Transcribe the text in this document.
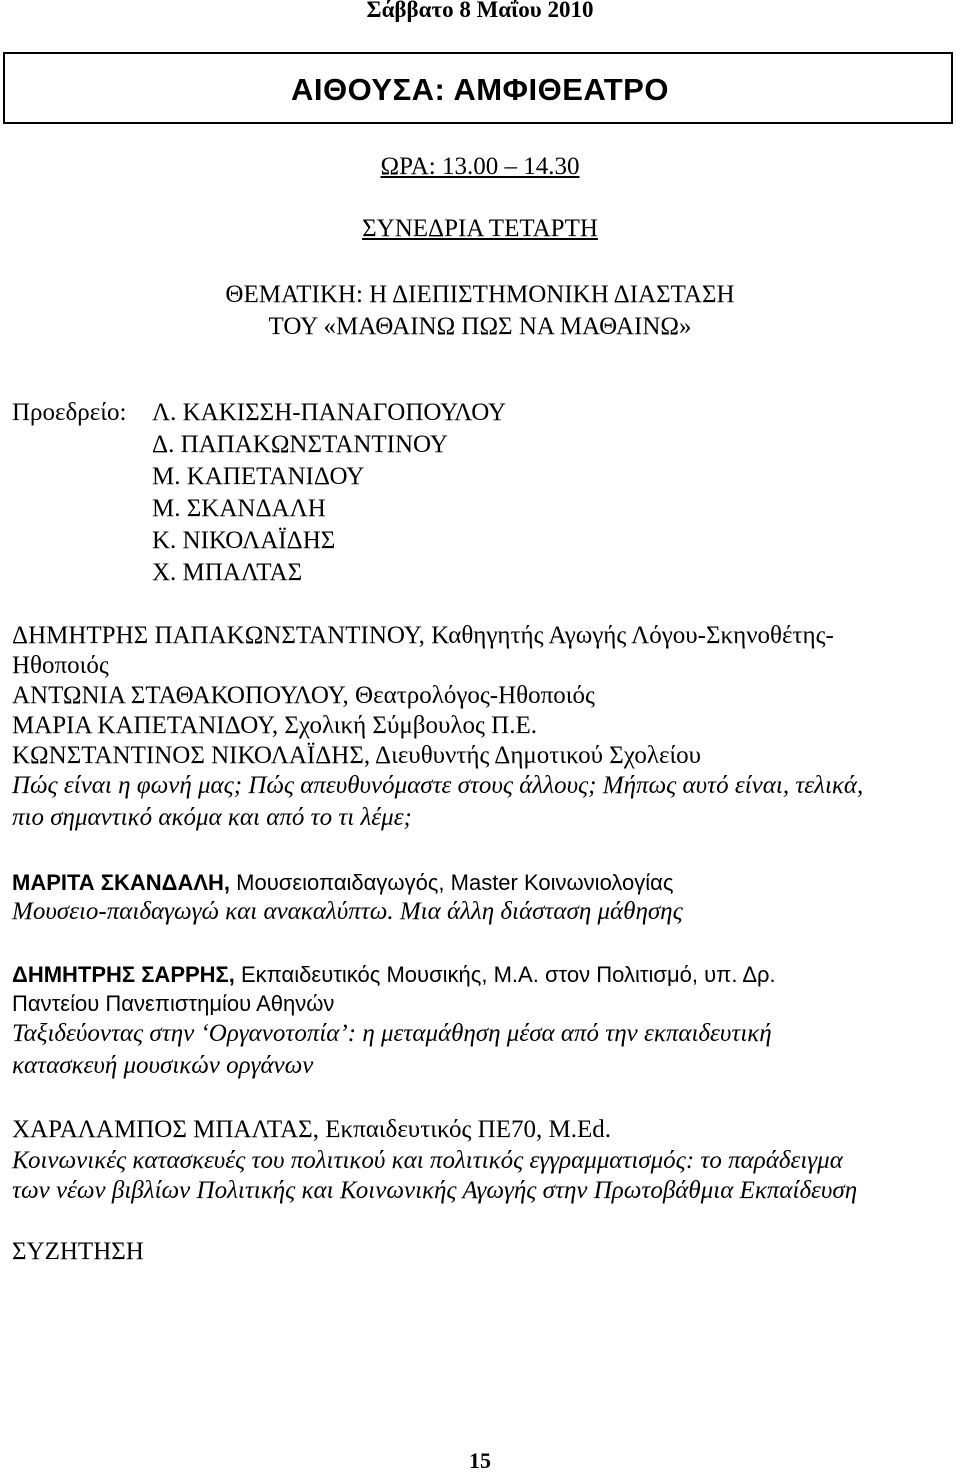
Σάββατο 8 Μαΐου 2010
ΑΙΘΟΥΣΑ: ΑΜΦΙΘΕΑΤΡΟ
ΩΡΑ: 13.00 – 14.30
ΣΥΝΕΔΡΙΑ ΤΕΤΑΡΤΗ
ΘΕΜΑΤΙΚΗ: Η ΔΙΕΠΙΣΤΗΜΟΝΙΚΗ ΔΙΑΣΤΑΣΗ
ΤΟΥ «ΜΑΘΑΙΝΩ ΠΩΣ ΝΑ ΜΑΘΑΙΝΩ»
Προεδρείο: Λ. ΚΑΚΙΣΣΗ-ΠΑΝΑΓΟΠΟΥΛΟΥ
Δ. ΠΑΠΑΚΩΝΣΤΑΝΤΙΝΟΥ
Μ. ΚΑΠΕΤΑΝΙΔΟΥ
Μ. ΣΚΑΝΔΑΛΗ
Κ. ΝΙΚΟΛΑΪΔΗΣ
Χ. ΜΠΑΛΤΑΣ
ΔΗΜΗΤΡΗΣ ΠΑΠΑΚΩΝΣΤΑΝΤΙΝΟΥ, Καθηγητής Αγωγής Λόγου-Σκηνοθέτης-
Ηθοποιός
ΑΝΤΩΝΙΑ ΣΤΑΘΑΚΟΠΟΥΛΟΥ, Θεατρολόγος-Ηθοποιός
ΜΑΡΙΑ ΚΑΠΕΤΑΝΙΔΟΥ, Σχολική Σύμβουλος Π.Ε.
ΚΩΝΣΤΑΝΤΙΝΟΣ ΝΙΚΟΛΑΪΔΗΣ, Διευθυντής Δημοτικού Σχολείου
Πώς είναι η φωνή μας; Πώς απευθυνόμαστε στους άλλους; Μήπως αυτό είναι, τελικά,
πιο σημαντικό ακόμα και από το τι λέμε;
ΜΑΡΙΤΑ ΣΚΑΝΔΑΛΗ, Μουσειοπαιδαγωγός, Master Κοινωνιολογίας
Μουσειο-παιδαγωγώ και ανακαλύπτω. Μια άλλη διάσταση μάθησης
ΔΗΜΗΤΡΗΣ ΣΑΡΡΗΣ, Εκπαιδευτικός Μουσικής, Μ.Α. στον Πολιτισμό, υπ. Δρ.
Παντείου Πανεπιστημίου Αθηνών
Ταξιδεύοντας στην ‘Οργανοτοπία’: η μεταμάθηση μέσα από την εκπαιδευτική
κατασκευή μουσικών οργάνων
ΧΑΡΑΛΑΜΠΟΣ ΜΠΑΛΤΑΣ, Εκπαιδευτικός ΠΕ70, M.Ed.
Κοινωνικές κατασκευές του πολιτικού και πολιτικός εγγραμματισμός: το παράδειγμα
των νέων βιβλίων Πολιτικής και Κοινωνικής Αγωγής στην Πρωτοβάθμια Εκπαίδευση
ΣΥΖΗΤΗΣΗ
15
